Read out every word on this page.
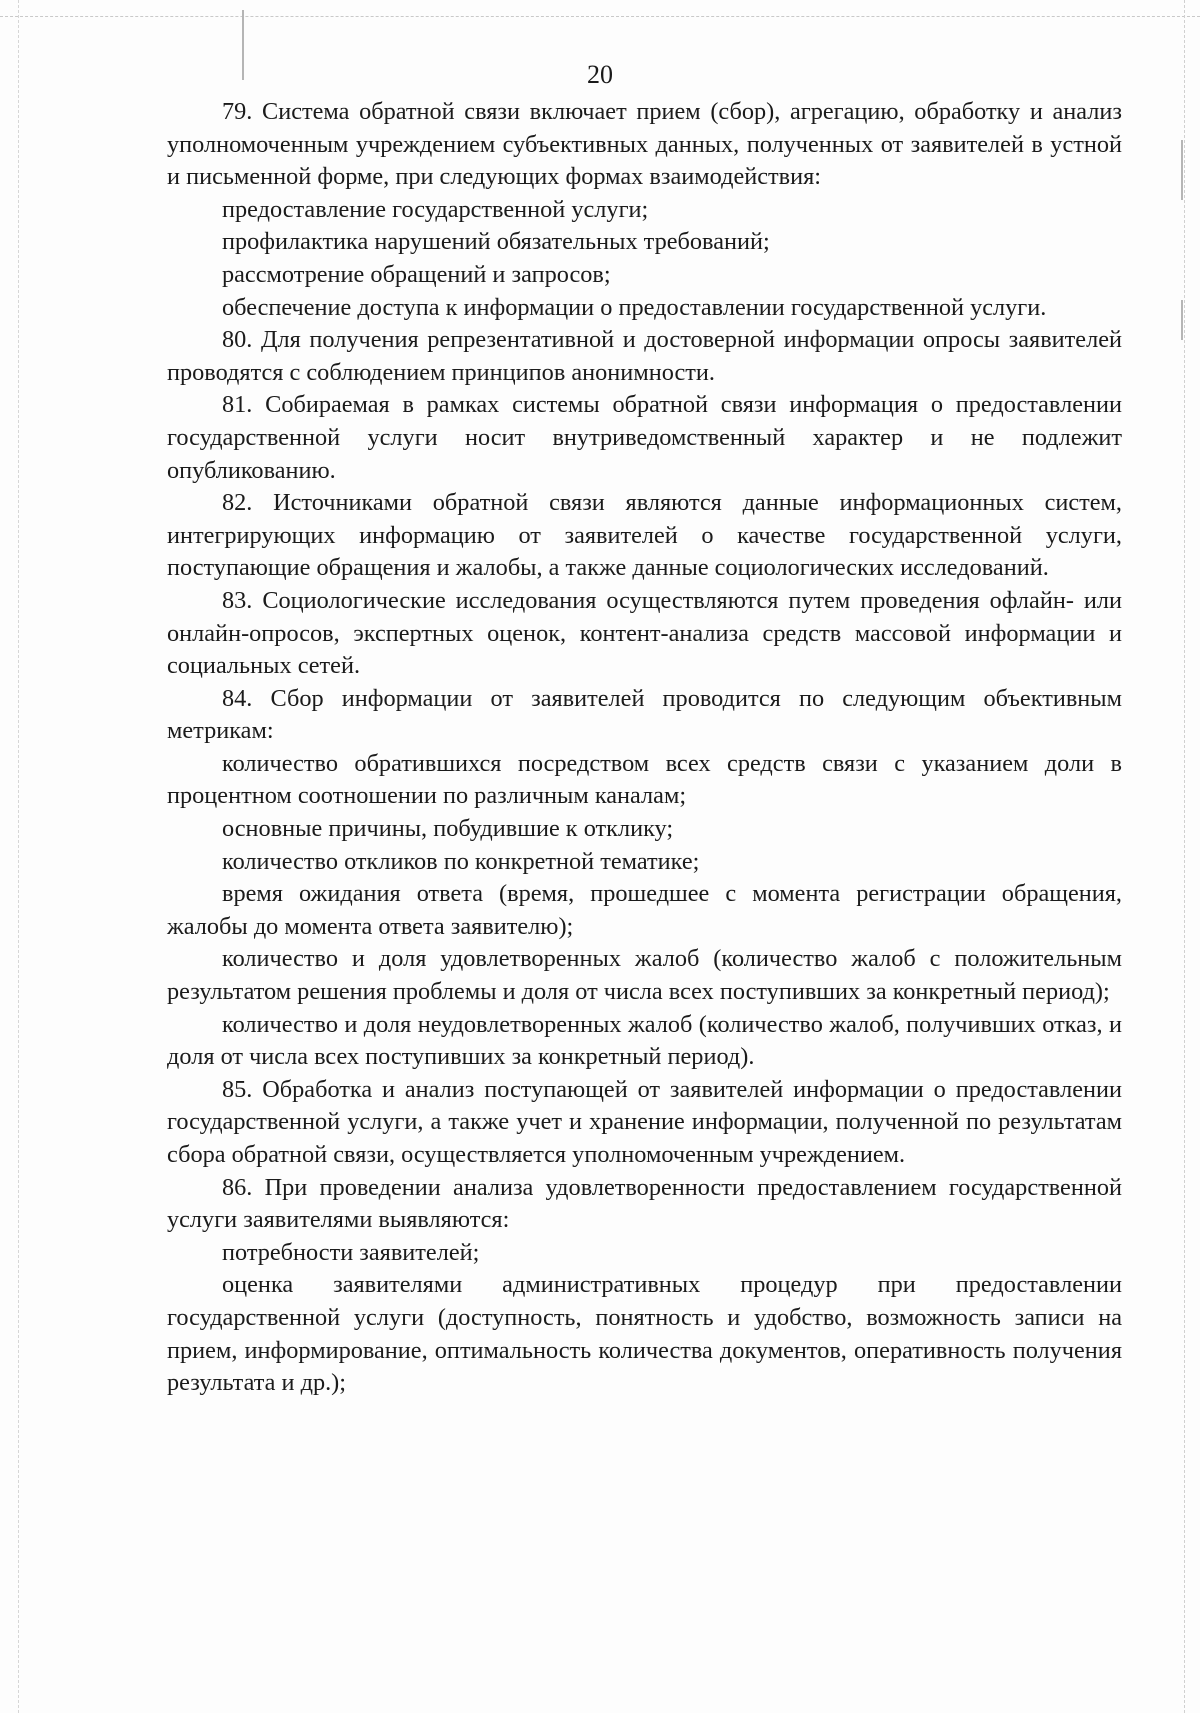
20

79. Система обратной связи включает прием (сбор), агрегацию, обработку и анализ уполномоченным учреждением субъективных данных, полученных от заявителей в устной и письменной форме, при следующих формах взаимодействия:

предоставление государственной услуги;

профилактика нарушений обязательных требований;

рассмотрение обращений и запросов;

обеспечение доступа к информации о предоставлении государственной услуги.

80. Для получения репрезентативной и достоверной информации опросы заявителей проводятся с соблюдением принципов анонимности.

81. Собираемая в рамках системы обратной связи информация о предоставлении государственной услуги носит внутриведомственный характер и не подлежит опубликованию.

82. Источниками обратной связи являются данные информационных систем, интегрирующих информацию от заявителей о качестве государственной услуги, поступающие обращения и жалобы, а также данные социологических исследований.

83. Социологические исследования осуществляются путем проведения офлайн- или онлайн-опросов, экспертных оценок, контент-анализа средств массовой информации и социальных сетей.

84. Сбор информации от заявителей проводится по следующим объективным метрикам:

количество обратившихся посредством всех средств связи с указанием доли в процентном соотношении по различным каналам;

основные причины, побудившие к отклику;

количество откликов по конкретной тематике;

время ожидания ответа (время, прошедшее с момента регистрации обращения, жалобы до момента ответа заявителю);

количество и доля удовлетворенных жалоб (количество жалоб с положительным результатом решения проблемы и доля от числа всех поступивших за конкретный период);

количество и доля неудовлетворенных жалоб (количество жалоб, получивших отказ, и доля от числа всех поступивших за конкретный период).

85. Обработка и анализ поступающей от заявителей информации о предоставлении государственной услуги, а также учет и хранение информации, полученной по результатам сбора обратной связи, осуществляется уполномоченным учреждением.

86. При проведении анализа удовлетворенности предоставлением государственной услуги заявителями выявляются:

потребности заявителей;

оценка заявителями административных процедур при предоставлении государственной услуги (доступность, понятность и удобство, возможность записи на прием, информирование, оптимальность количества документов, оперативность получения результата и др.);
